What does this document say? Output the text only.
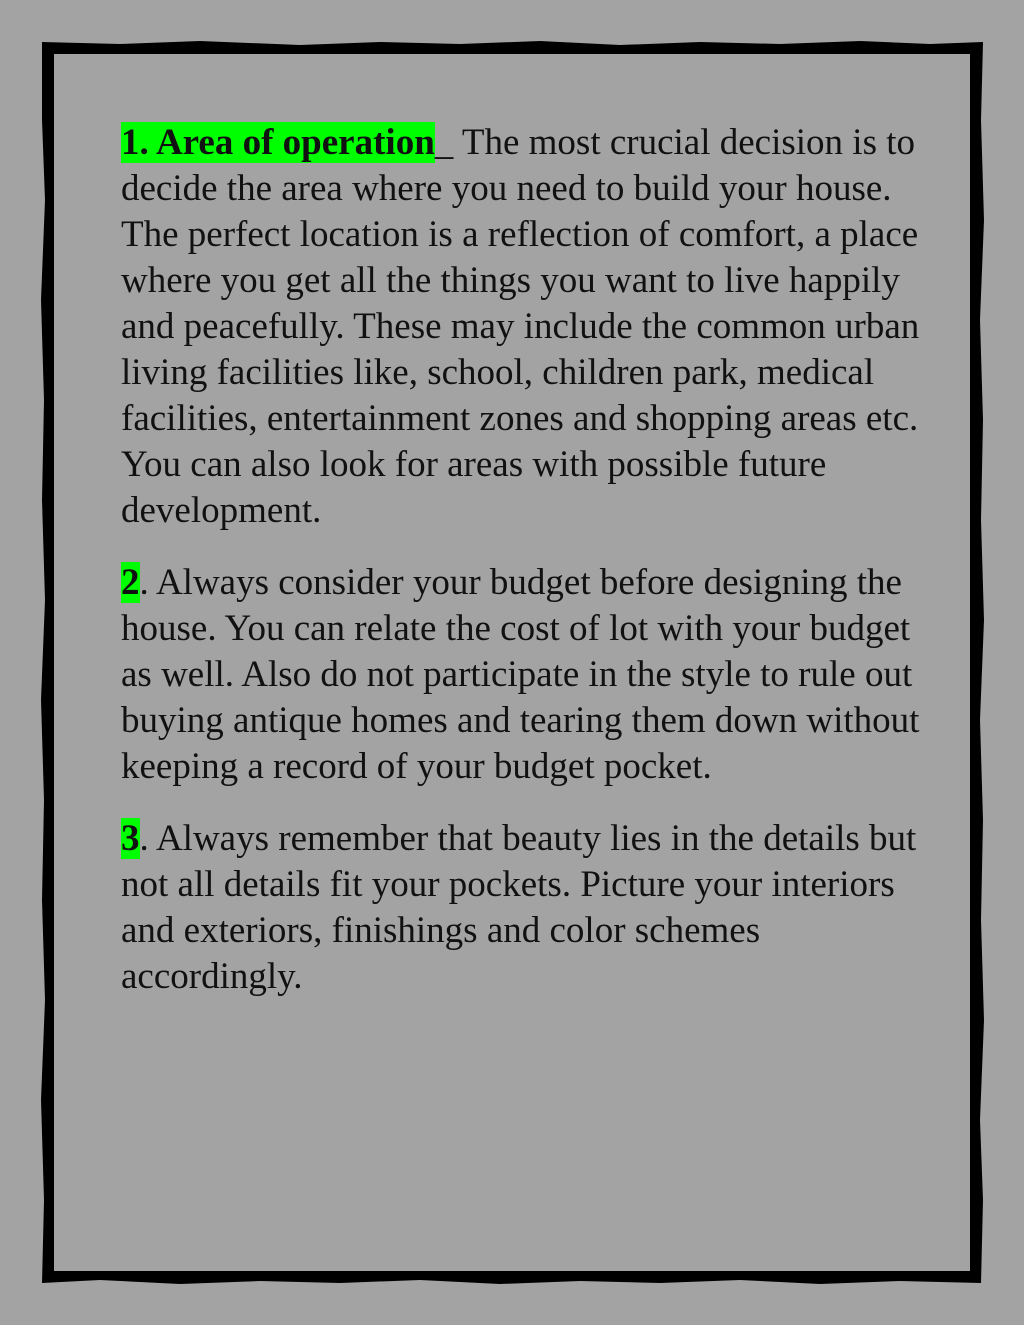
1. Area of operation_ The most crucial decision is to decide the area where you need to build your house. The perfect location is a reflection of comfort, a place where you get all the things you want to live happily and peacefully. These may include the common urban living facilities like, school, children park, medical facilities, entertainment zones and shopping areas etc. You can also look for areas with possible future development.

2. Always consider your budget before designing the house. You can relate the cost of lot with your budget as well. Also do not participate in the style to rule out buying antique homes and tearing them down without keeping a record of your budget pocket.

3. Always remember that beauty lies in the details but not all details fit your pockets. Picture your interiors and exteriors, finishings and color schemes accordingly.
